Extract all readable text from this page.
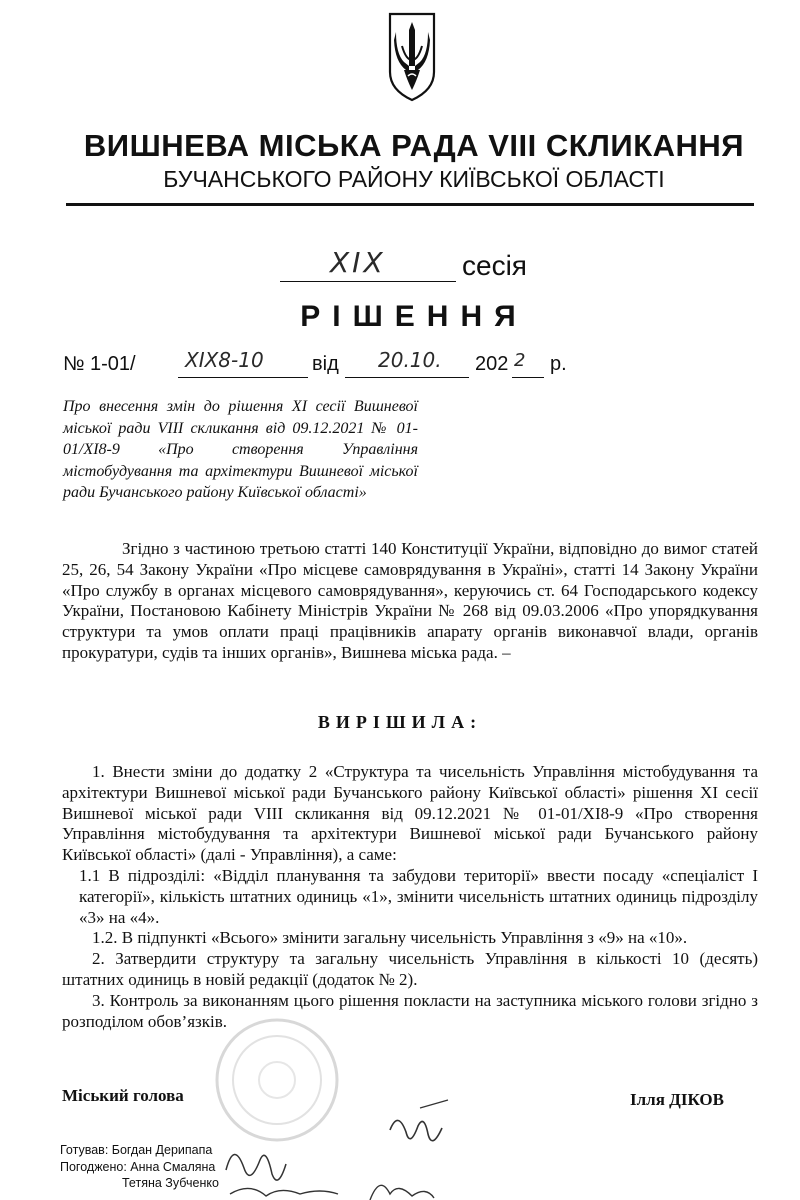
ВИШНЕВА МІСЬКА РАДА VIII СКЛИКАННЯ
БУЧАНСЬКОГО РАЙОНУ КИЇВСЬКОЇ ОБЛАСТІ
XIX	сесія
РІШЕННЯ
№ 1-01/ XIX8-10 від 20.10. 202 2 р.
Про внесення змін до рішення XI сесії Вишневої міської ради VIII скликання від 09.12.2021 № 01-01/XI8-9 «Про створення Управління містобудування та архітектури Вишневої міської ради Бучанського району Київської області»
Згідно з частиною третьою статті 140 Конституції України, відповідно до вимог статей 25, 26, 54 Закону України «Про місцеве самоврядування в Україні», статті 14 Закону України «Про службу в органах місцевого самоврядування», керуючись ст. 64 Господарського кодексу України, Постановою Кабінету Міністрів України № 268 від 09.03.2006 «Про упорядкування структури та умов оплати праці працівників апарату органів виконавчої влади, органів прокуратури, судів та інших органів», Вишнева міська рада. –
ВИРІШИЛА:

1. Внести зміни до додатку 2 «Структура та чисельність Управління містобудування та архітектури Вишневої міської ради Бучанського району Київської області» рішення XI сесії Вишневої міської ради VIII скликання від 09.12.2021 № 01-01/XI8-9 «Про створення Управління містобудування та архітектури Вишневої міської ради Бучанського району Київської області» (далі - Управління), а саме:

1.1 В підрозділі: «Відділ планування та забудови території» ввести посаду «спеціаліст I категорії», кількість штатних одиниць «1», змінити чисельність штатних одиниць підрозділу «3» на «4».

1.2. В підпункті «Всього» змінити загальну чисельність Управління з «9» на «10».

2. Затвердити структуру та загальну чисельність Управління в кількості 10 (десять) штатних одиниць в новій редакції (додаток № 2).

3. Контроль за виконанням цього рішення покласти на заступника міського голови згідно з розподілом обов’язків.

Міський голова	Ілля ДІКОВ
Готував: Богдан Дерипапа
Погоджено: Анна Смаляна
Тетяна Зубченко
